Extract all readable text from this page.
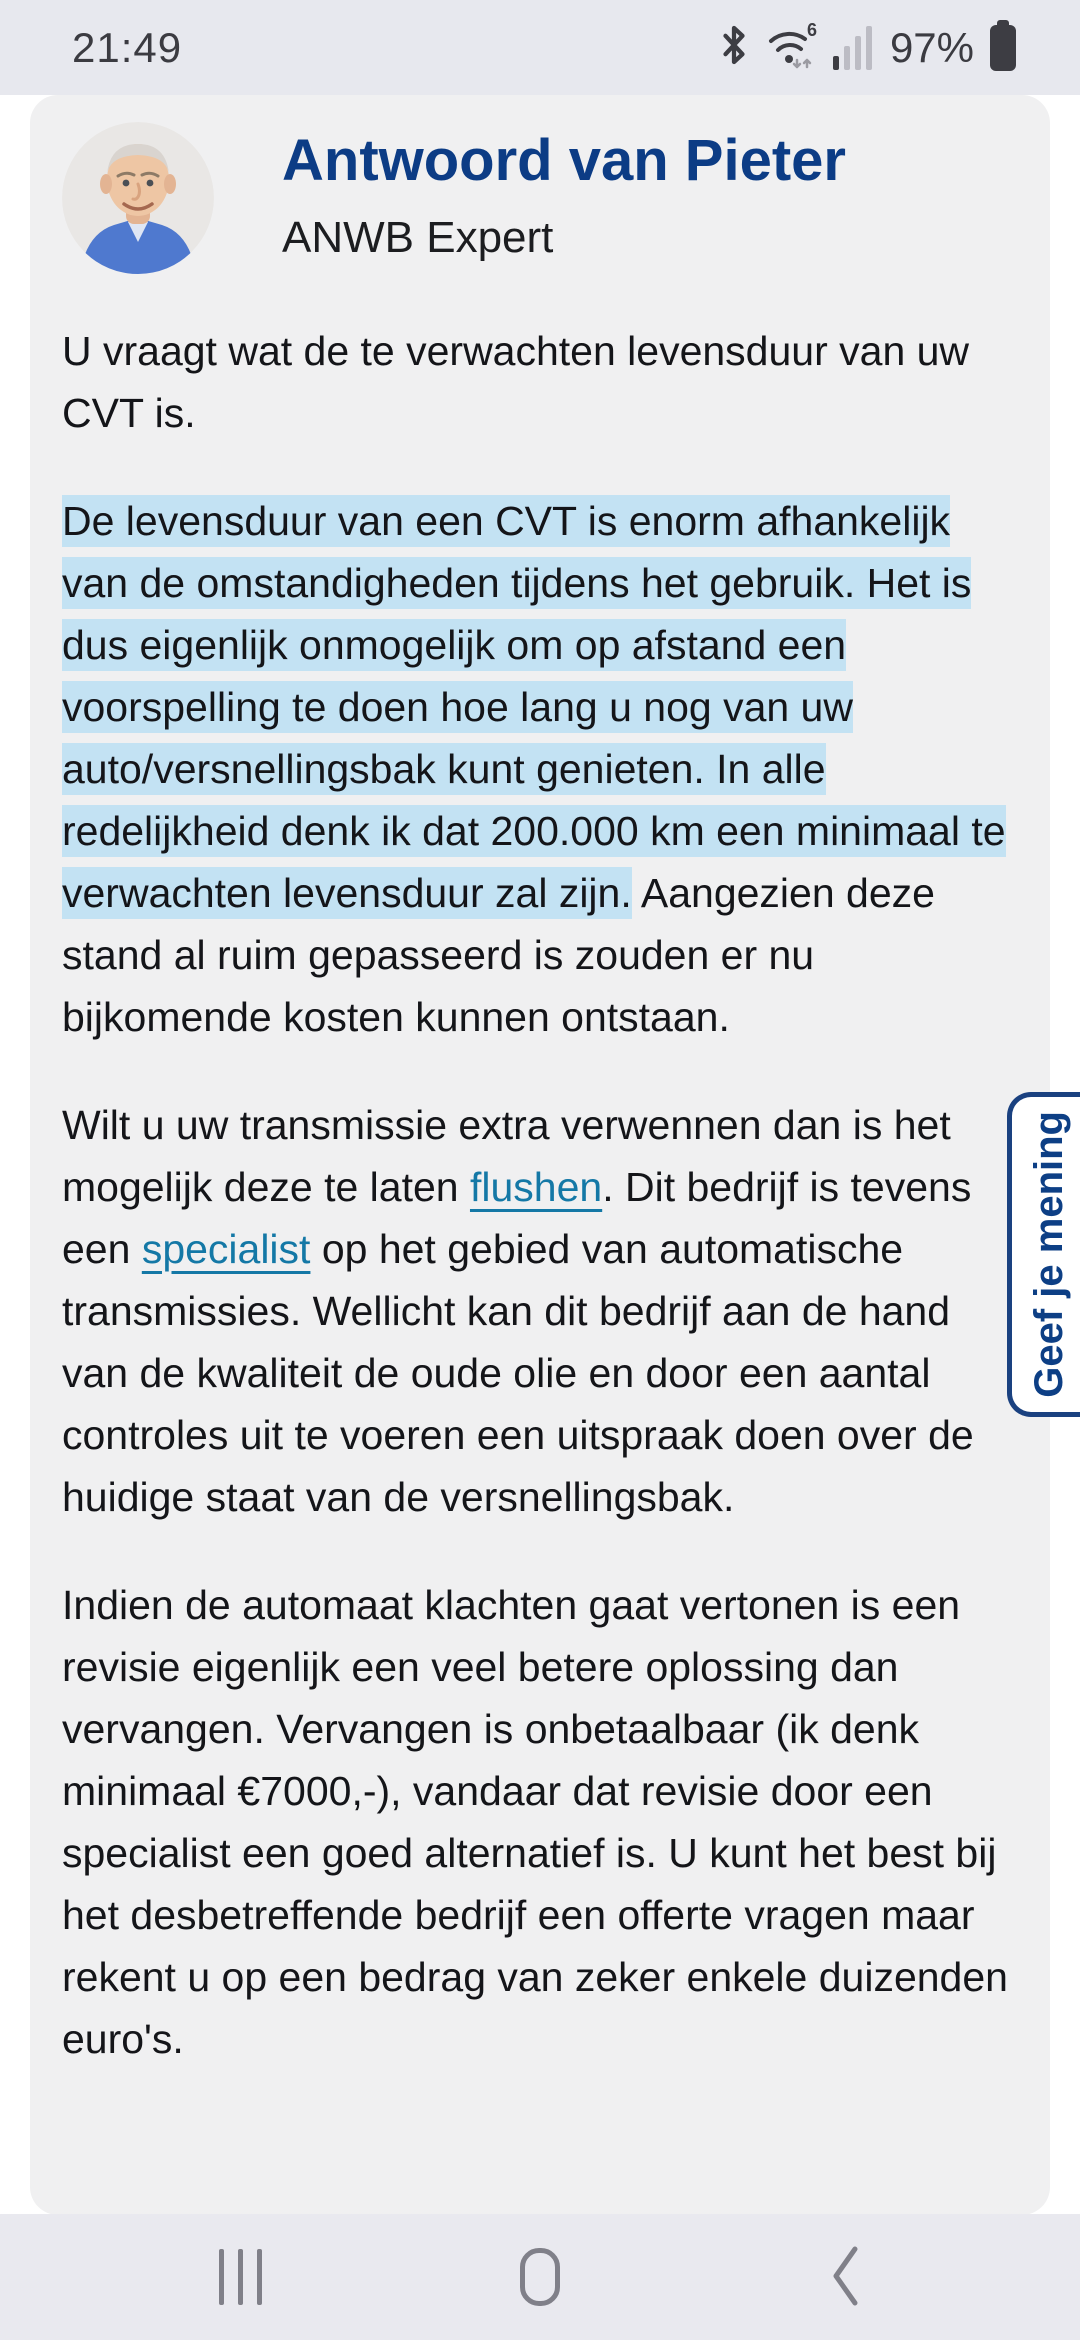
21:49	6 97%
Antwoord van Pieter
ANWB Expert

U vraagt wat de te verwachten levensduur van uw CVT is.

De levensduur van een CVT is enorm afhankelijk van de omstandigheden tijdens het gebruik. Het is dus eigenlijk onmogelijk om op afstand een voorspelling te doen hoe lang u nog van uw auto/versnellingsbak kunt genieten. In alle redelijkheid denk ik dat 200.000 km een minimaal te verwachten levensduur zal zijn. Aangezien deze stand al ruim gepasseerd is zouden er nu bijkomende kosten kunnen ontstaan.

Wilt u uw transmissie extra verwennen dan is het mogelijk deze te laten flushen. Dit bedrijf is tevens een specialist op het gebied van automatische transmissies. Wellicht kan dit bedrijf aan de hand van de kwaliteit de oude olie en door een aantal controles uit te voeren een uitspraak doen over de huidige staat van de versnellingsbak.

Indien de automaat klachten gaat vertonen is een revisie eigenlijk een veel betere oplossing dan vervangen. Vervangen is onbetaalbaar (ik denk minimaal €7000,-), vandaar dat revisie door een specialist een goed alternatief is. U kunt het best bij het desbetreffende bedrijf een offerte vragen maar rekent u op een bedrag van zeker enkele duizenden euro's.

Geef je mening
